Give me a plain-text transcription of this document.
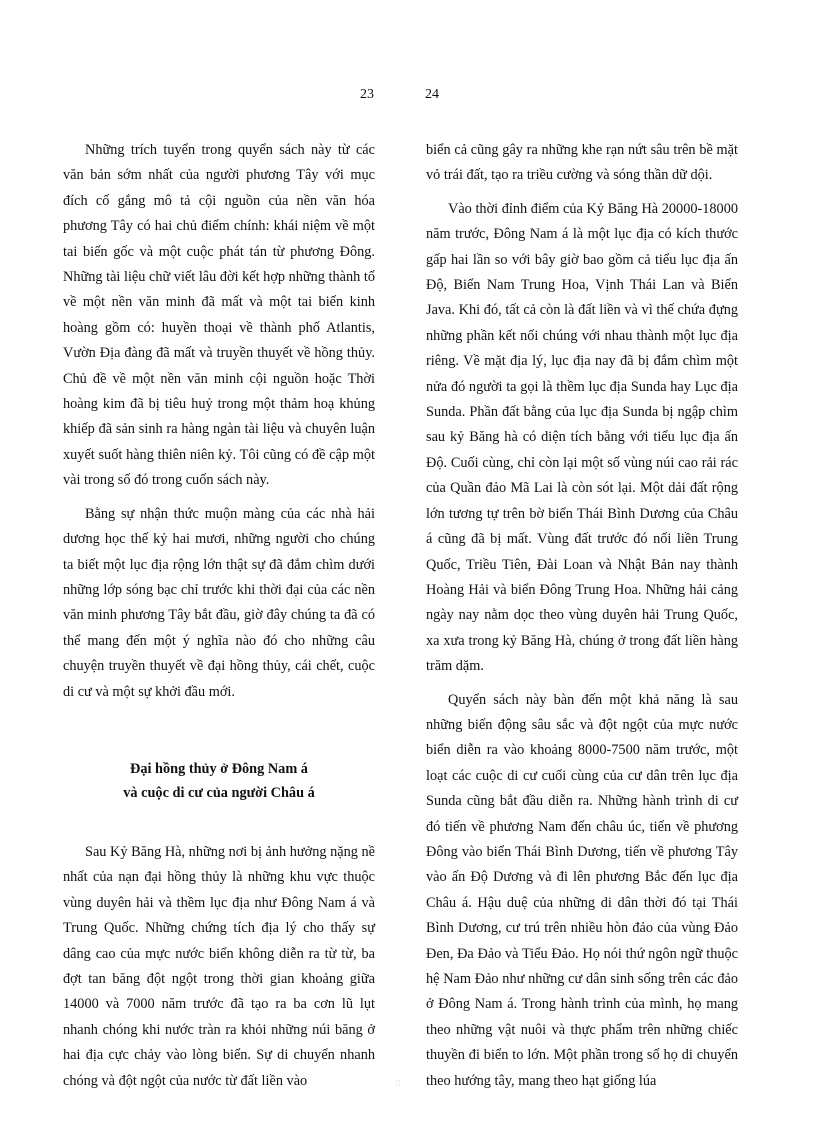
23	24

Những trích tuyển trong quyển sách này từ các văn bản sớm nhất của người phương Tây với mục đích cố gắng mô tả cội nguồn của nền văn hóa phương Tây có hai chủ điểm chính: khái niệm về một tai biến gốc và một cuộc phát tán từ phương Đông. Những tài liệu chữ viết lâu đời kết hợp những thành tố về một nền văn minh đã mất và một tai biến kinh hoàng gồm có: huyền thoại về thành phố Atlantis, Vườn Địa đàng đã mất và truyền thuyết về hồng thủy. Chủ đề về một nền văn minh cội nguồn hoặc Thời hoàng kim đã bị tiêu huỷ trong một thảm hoạ khủng khiếp đã sản sinh ra hàng ngàn tài liệu và chuyên luận xuyết suốt hàng thiên niên kỷ. Tôi cũng có đề cập một vài trong số đó trong cuốn sách này.

Bằng sự nhận thức muộn màng của các nhà hải dương học thế kỷ hai mươi, những người cho chúng ta biết một lục địa rộng lớn thật sự đã đắm chìm dưới những lớp sóng bạc chỉ trước khi thời đại của các nền văn minh phương Tây bắt đầu, giờ đây chúng ta đã có thể mang đến một ý nghĩa nào đó cho những câu chuyện truyền thuyết về đại hồng thủy, cái chết, cuộc di cư và một sự khởi đầu mới.

Đại hồng thủy ở Đông Nam á
và cuộc di cư của người Châu á

Sau Kỷ Băng Hà, những nơi bị ảnh hưởng nặng nề nhất của nạn đại hồng thủy là những khu vực thuộc vùng duyên hải và thềm lục địa như Đông Nam á và Trung Quốc. Những chứng tích địa lý cho thấy sự dâng cao của mực nước biển không diễn ra từ từ, ba đợt tan băng đột ngột trong thời gian khoảng giữa 14000 và 7000 năm trước đã tạo ra ba cơn lũ lụt nhanh chóng khi nước tràn ra khỏi những núi băng ở hai địa cực chảy vào lòng biển. Sự di chuyển nhanh chóng và đột ngột của nước từ đất liền vào

biển cả cũng gây ra những khe rạn nứt sâu trên bề mặt vỏ trái đất, tạo ra triều cường và sóng thần dữ dội.

Vào thời đỉnh điểm của Kỷ Băng Hà 20000-18000 năm trước, Đông Nam á là một lục địa có kích thước gấp hai lần so với bây giờ bao gồm cả tiểu lục địa ấn Độ, Biển Nam Trung Hoa, Vịnh Thái Lan và Biển Java. Khi đó, tất cả còn là đất liền và vì thế chứa đựng những phần kết nối chúng với nhau thành một lục địa riêng. Về mặt địa lý, lục địa nay đã bị đắm chìm một nửa đó người ta gọi là thềm lục địa Sunda hay Lục địa Sunda. Phần đất bằng của lục địa Sunda bị ngập chìm sau kỷ Băng hà có diện tích bằng với tiểu lục địa ấn Độ. Cuối cùng, chỉ còn lại một số vùng núi cao rải rác của Quần đảo Mã Lai là còn sót lại. Một dải đất rộng lớn tương tự trên bờ biển Thái Bình Dương của Châu á cũng đã bị mất. Vùng đất trước đó nối liền Trung Quốc, Triều Tiên, Đài Loan và Nhật Bản nay thành Hoàng Hải và biển Đông Trung Hoa. Những hải cảng ngày nay nằm dọc theo vùng duyên hải Trung Quốc, xa xưa trong kỷ Băng Hà, chúng ở trong đất liền hàng trăm dặm.

Quyển sách này bàn đến một khả năng là sau những biến động sâu sắc và đột ngột của mực nước biển diễn ra vào khoảng 8000-7500 năm trước, một loạt các cuộc di cư cuối cùng của cư dân trên lục địa Sunda cũng bắt đầu diễn ra. Những hành trình di cư đó tiến về phương Nam đến châu úc, tiến về phương Đông vào biển Thái Bình Dương, tiến về phương Tây vào ấn Độ Dương và đi lên phương Bắc đến lục địa Châu á. Hậu duệ của những di dân thời đó tại Thái Bình Dương, cư trú trên nhiều hòn đảo của vùng Đảo Đen, Đa Đảo và Tiểu Đảo. Họ nói thứ ngôn ngữ thuộc hệ Nam Đảo như những cư dân sinh sống trên các đảo ở Đông Nam á. Trong hành trình của mình, họ mang theo những vật nuôi và thực phẩm trên những chiếc thuyền đi biển to lớn. Một phần trong số họ di chuyển theo hướng tây, mang theo hạt giống lúa

▯
